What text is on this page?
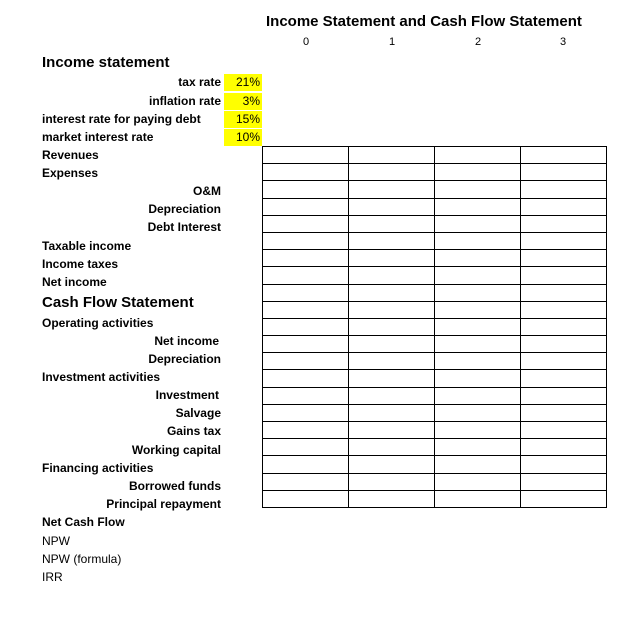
Income Statement and Cash Flow Statement
0	1	2	3
Income statement
tax rate	21%
inflation rate	3%
interest rate for paying debt	15%
market interest rate	10%
Revenues
Expenses
O&M
Depreciation
Debt Interest
Taxable income
Income taxes
Net income
Cash Flow Statement
Operating activities
Net income
Depreciation
Investment activities
Investment
Salvage
Gains tax
Working capital
Financing activities
Borrowed funds
Principal repayment
Net Cash Flow
NPW
NPW (formula)
IRR
